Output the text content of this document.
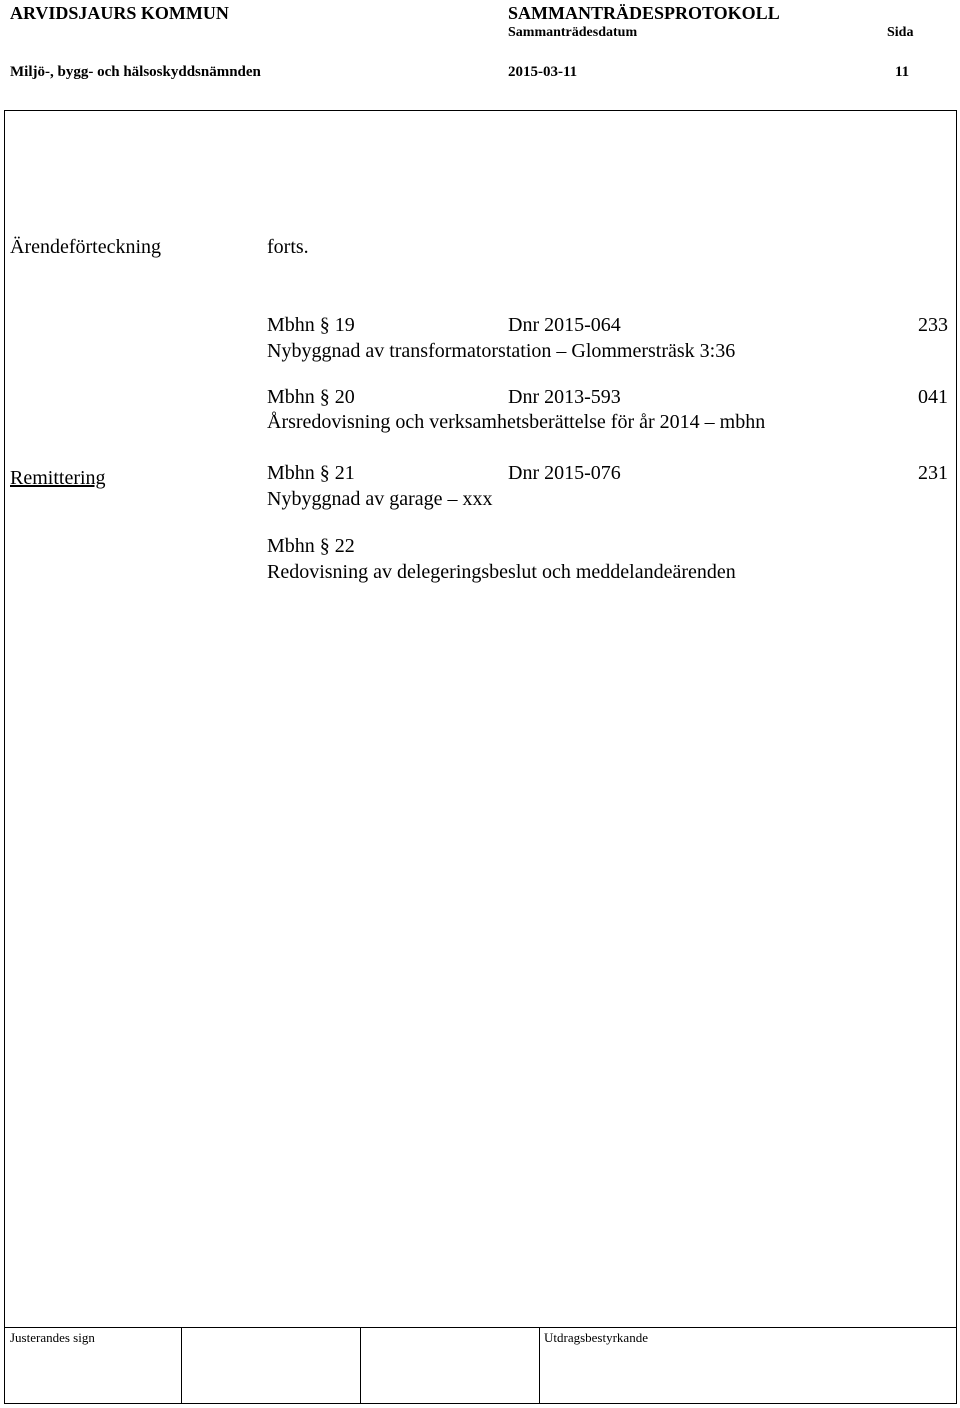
ARVIDSJAURS KOMMUN	SAMMANTRÄDESPROTOKOLL
Sammanträdesdatum	Sida
Miljö-, bygg- och hälsoskyddsnämnden	2015-03-11	11
Ärendeförteckning	forts.
Mbhn § 19	Dnr 2015-064	233
Nybyggnad av transformatorstation – Glommersträsk 3:36
Mbhn § 20	Dnr 2013-593	041
Årsredovisning och verksamhetsberättelse för år 2014 – mbhn
Remittering	Mbhn § 21	Dnr 2015-076	231
Nybyggnad av garage – xxx
Mbhn § 22
Redovisning av delegeringsbeslut och meddelandeärenden
Justerandes sign	Utdragsbestyrkande
